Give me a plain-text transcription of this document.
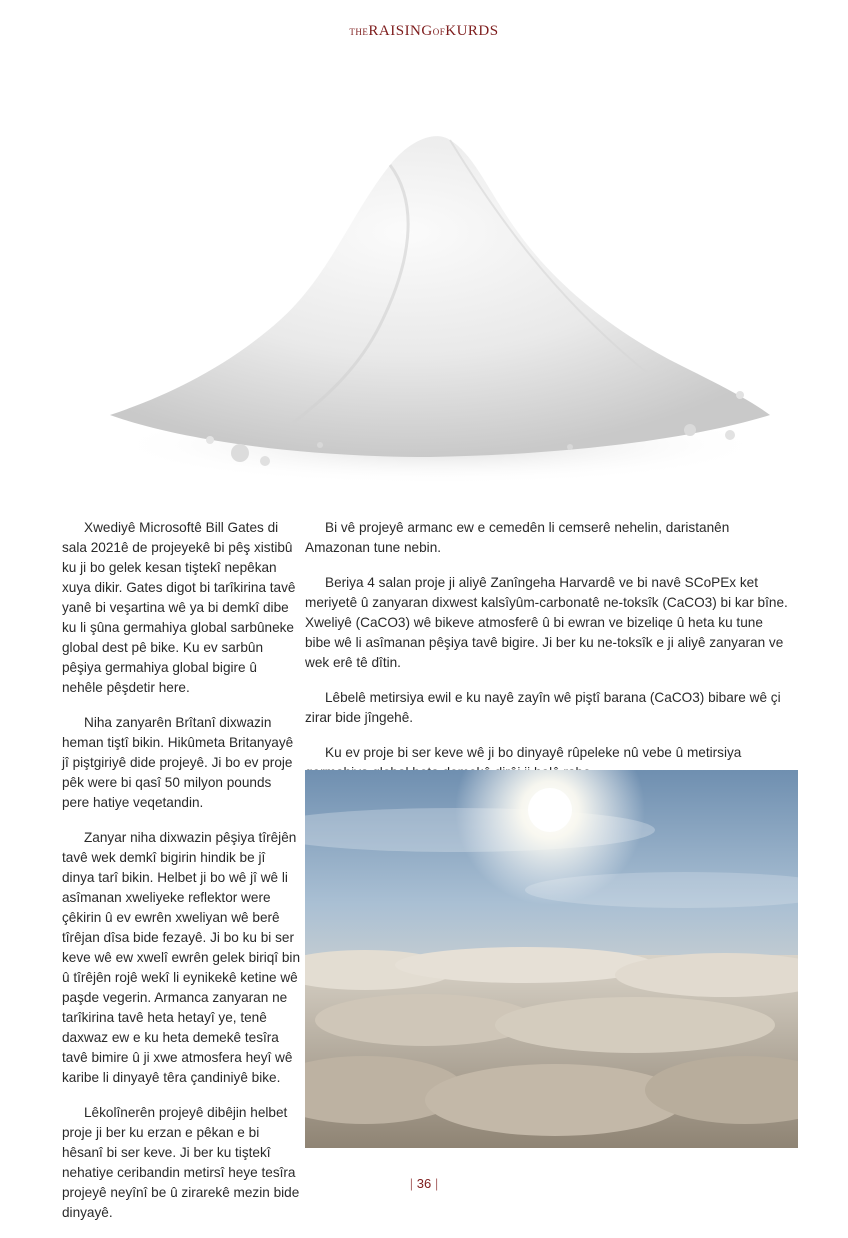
THERAISINGOFKURDS

Xwediyê Microsoftê Bill Gates di sala 2021ê de projeyekê bi pêş xistibû ku ji bo gelek kesan tiştekî nepêkan xuya dikir. Gates digot bi tarîkirina tavê yanê bi veşartina wê ya bi demkî dibe ku li şûna germahiya global sarbûneke global dest pê bike. Ku ev sarbûn pêşiya germahiya global bigire û nehêle pêşdetir here.

Niha zanyarên Brîtanî dixwazin heman tiştî bikin. Hikûmeta Britanyayê jî piştgiriyê dide projeyê. Ji bo ev proje pêk were bi qasî 50 milyon pounds pere hatiye veqetandin.

Zanyar niha dixwazin pêşiya tîrêjên tavê wek demkî bigirin hindik be jî dinya tarî bikin. Helbet ji bo wê jî wê li asîmanan xweliyeke reflektor were çêkirin û ev ewrên xweliyan wê berê tîrêjan dîsa bide fezayê. Ji bo ku bi ser keve wê ew xwelî ewrên gelek biriqî bin û tîrêjên rojê wekî li eynikekê ketine wê paşde vegerin. Armanca zanyaran ne tarîkirina tavê heta hetayî ye, tenê daxwaz ew e ku heta demekê tesîra tavê bimire û ji xwe atmosfera heyî wê karibe li dinyayê têra çandiniyê bike.

Lêkolînerên projeyê dibêjin helbet proje ji ber ku erzan e pêkan e bi hêsanî bi ser keve. Ji ber ku tiştekî nehatiye ceribandin metirsî heye tesîra projeyê neyînî be û zirarekê mezin bide dinyayê.

Bi vê projeyê armanc ew e cemedên li cemserê nehelin, daristanên Amazonan tune nebin.

Beriya 4 salan proje ji aliyê Zanîngeha Harvardê ve bi navê SCoPEx ket meriyetê û zanyaran dixwest kalsîyûm-carbonatê ne-toksîk (CaCO3) bi kar bîne. Xweliyê (CaCO3) wê bikeve atmosferê û bi ewran ve bizeliqe û heta ku tune bibe wê li asîmanan pêşiya tavê bigire. Ji ber ku ne-toksîk e ji aliyê zanyaran ve wek erê tê dîtin.

Lêbelê metirsiya ewil e ku nayê zayîn wê piştî barana (CaCO3) bibare wê çi zirar bide jîngehê.

Ku ev proje bi ser keve wê ji bo dinyayê rûpeleke nû vebe û metirsiya

| 36 |
